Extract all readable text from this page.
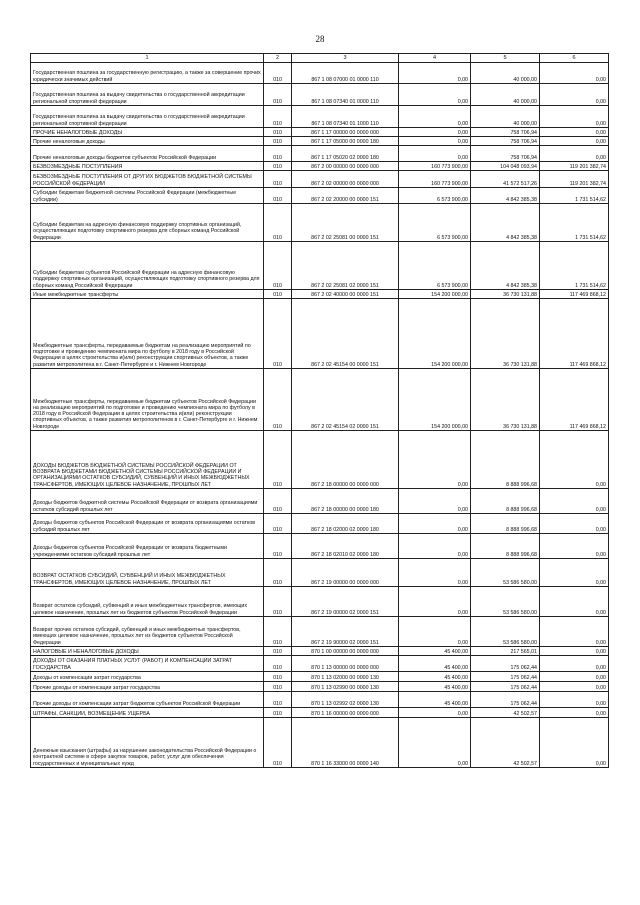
28
1	2	3	4	5	6
Государственная пошлина за государственную регистрацию, а также за совершение прочих юридически значимых действий	010	867 1 08 07000 01 0000 110	0,00	40 000,00	0,00
Государственная пошлина за выдачу свидетельства о государственной аккредитации региональной спортивной федерации	010	867 1 08 07340 01 0000 110	0,00	40 000,00	0,00
Государственная пошлина за выдачу свидетельства о государственной аккредитации региональной спортивной федерации	010	867 1 08 07340 01 1000 110	0,00	40 000,00	0,00
ПРОЧИЕ НЕНАЛОГОВЫЕ ДОХОДЫ	010	867 1 17 00000 00 0000 000	0,00	758 706,94	0,00
Прочие неналоговые доходы	010	867 1 17 05000 00 0000 180	0,00	758 706,94	0,00
Прочие неналоговые доходы бюджетов субъектов Российской Федерации	010	867 1 17 05020 02 0000 180	0,00	758 706,94	0,00
БЕЗВОЗМЕЗДНЫЕ ПОСТУПЛЕНИЯ	010	867 2 00 00000 00 0000 000	160 773 900,00	104 048 093,94	119 201 382,74
БЕЗВОЗМЕЗДНЫЕ ПОСТУПЛЕНИЯ ОТ ДРУГИХ БЮДЖЕТОВ БЮДЖЕТНОЙ СИСТЕМЫ РОССИЙСКОЙ ФЕДЕРАЦИИ	010	867 2 02 00000 00 0000 000	160 773 900,00	41 572 517,26	119 201 382,74
Субсидии бюджетам бюджетной системы Российской Федерации (межбюджетные субсидии)	010	867 2 02 20000 00 0000 151	6 573 900,00	4 842 385,38	1 731 514,62
Субсидии бюджетам на адресную финансовую поддержку спортивных организаций, осуществляющих подготовку спортивного резерва для сборных команд Российской Федерации	010	867 2 02 25081 00 0000 151	6 573 900,00	4 842 385,38	1 731 514,62
Субсидии бюджетам субъектов Российской Федерации на адресную финансовую поддержку спортивных организаций, осуществляющих подготовку спортивного резерва для сборных команд Российской Федерации	010	867 2 02 25081 02 0000 151	6 573 900,00	4 842 385,38	1 731 514,62
Иные межбюджетные трансферты	010	867 2 02 40000 00 0000 151	154 200 000,00	36 730 131,88	117 469 868,12
Межбюджетные трансферты, передаваемые бюджетам на реализацию мероприятий по подготовке и проведению чемпионата мира по футболу в 2018 году в Российской Федерации в целях строительства и(или) реконструкции спортивных объектов, а также развития метрополитена в г. Санкт-Петербурге и г. Нижнем Новгороде	010	867 2 02 45154 00 0000 151	154 200 000,00	36 730 131,88	117 469 868,12
Межбюджетные трансферты, передаваемые бюджетам субъектов Российской Федерации на реализацию мероприятий по подготовке и проведению чемпионата мира по футболу в 2018 году в Российской Федерации в целях строительства и(или) реконструкции спортивных объектов, а также развития метрополитенов в г. Санкт-Петербурге и г. Нижнем Новгороде	010	867 2 02 45154 02 0000 151	154 200 000,00	36 730 131,88	117 469 868,12
ДОХОДЫ БЮДЖЕТОВ БЮДЖЕТНОЙ СИСТЕМЫ РОССИЙСКОЙ ФЕДЕРАЦИИ ОТ ВОЗВРАТА БЮДЖЕТАМИ БЮДЖЕТНОЙ СИСТЕМЫ РОССИЙСКОЙ ФЕДЕРАЦИИ И ОРГАНИЗАЦИЯМИ ОСТАТКОВ СУБСИДИЙ, СУБВЕНЦИЙ И ИНЫХ МЕЖБЮДЖЕТНЫХ ТРАНСФЕРТОВ, ИМЕЮЩИХ ЦЕЛЕВОЕ НАЗНАЧЕНИЕ, ПРОШЛЫХ ЛЕТ	010	867 2 18 00000 00 0000 000	0,00	8 888 996,68	0,00
Доходы бюджетов бюджетной системы Российской Федерации от возврата организациями остатков субсидий прошлых лет	010	867 2 18 00000 00 0000 180	0,00	8 888 996,68	0,00
Доходы бюджетов субъектов Российской Федерации от возврата организациями остатков субсидий прошлых лет	010	867 2 18 02000 02 0000 180	0,00	8 888 996,68	0,00
Доходы бюджетов субъектов Российской Федерации от возврата бюджетными учреждениями остатков субсидий прошлых лет	010	867 2 18 02010 02 0000 180	0,00	8 888 996,68	0,00
ВОЗВРАТ ОСТАТКОВ СУБСИДИЙ, СУБВЕНЦИЙ И ИНЫХ МЕЖБЮДЖЕТНЫХ ТРАНСФЕРТОВ, ИМЕЮЩИХ ЦЕЛЕВОЕ НАЗНАЧЕНИЕ, ПРОШЛЫХ ЛЕТ	010	867 2 19 00000 00 0000 000	0,00	53 586 580,00	0,00
Возврат остатков субсидий, субвенций и иных межбюджетных трансфертов, имеющих целевое назначение, прошлых лет из бюджетов субъектов Российской Федерации	010	867 2 19 00000 02 0000 151	0,00	53 586 580,00	0,00
Возврат прочих остатков субсидий, субвенций и иных межбюджетных трансфертов, имеющих целевое назначение, прошлых лет из бюджетов субъектов Российской Федерации	010	867 2 19 90000 02 0000 151	0,00	53 586 580,00	0,00
НАЛОГОВЫЕ И НЕНАЛОГОВЫЕ ДОХОДЫ	010	870 1 00 00000 00 0000 000	45 400,00	217 565,01	0,00
ДОХОДЫ ОТ ОКАЗАНИЯ ПЛАТНЫХ УСЛУГ (РАБОТ) И КОМПЕНСАЦИИ ЗАТРАТ ГОСУДАРСТВА	010	870 1 13 00000 00 0000 000	45 400,00	175 062,44	0,00
Доходы от компенсации затрат государства	010	870 1 13 02000 00 0000 130	45 400,00	175 062,44	0,00
Прочие доходы от компенсации затрат государства	010	870 1 13 02990 00 0000 130	45 400,00	175 062,44	0,00
Прочие доходы от компенсации затрат бюджетов субъектов Российской Федерации	010	870 1 13 02992 02 0000 130	45 400,00	175 062,44	0,00
ШТРАФЫ, САНКЦИИ, ВОЗМЕЩЕНИЕ УЩЕРБА	010	870 1 16 00000 00 0000 000	0,00	42 502,57	0,00
Денежные взыскания (штрафы) за нарушение законодательства Российской Федерации о контрактной системе в сфере закупок товаров, работ, услуг для обеспечения государственных и муниципальных нужд	010	870 1 16 33000 00 0000 140	0,00	42 502,57	0,00
